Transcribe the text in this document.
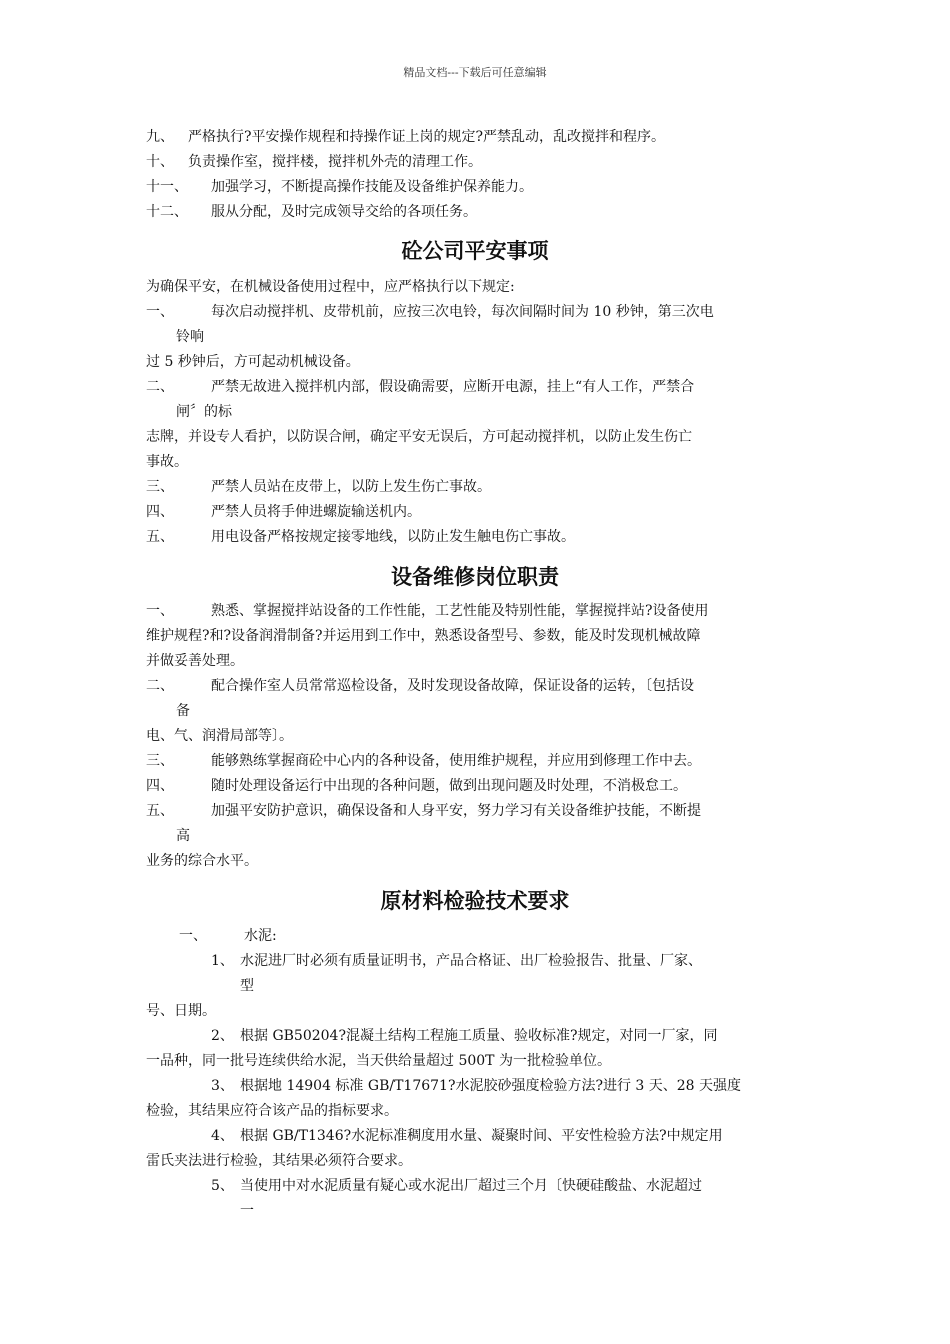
精品文档---下载后可任意编辑
九、 严格执行?平安操作规程和持操作证上岗的规定?严禁乱动，乱改搅拌和程序。
十、 负责操作室，搅拌楼，搅拌机外壳的清理工作。
十一、 加强学习，不断提高操作技能及设备维护保养能力。
十二、 服从分配，及时完成领导交给的各项任务。
砼公司平安事项
为确保平安，在机械设备使用过程中，应严格执行以下规定:
一、	每次启动搅拌机、皮带机前，应按三次电铃，每次间隔时间为 10 秒钟，第三次电
铃响
过 5 秒钟后，方可起动机械设备。
二、	严禁无故进入搅拌机内部，假设确需要，应断开电源，挂上“有人工作，严禁合
闸〞的标
志牌，并设专人看护，以防误合闸，确定平安无误后，方可起动搅拌机，以防止发生伤亡
事故。
三、	严禁人员站在皮带上，以防上发生伤亡事故。
四、	严禁人员将手伸进螺旋输送机内。
五、	用电设备严格按规定接零地线，以防止发生触电伤亡事故。
设备维修岗位职责
一、	熟悉、掌握搅拌站设备的工作性能，工艺性能及特别性能，掌握搅拌站?设备使用
维护规程?和?设备润滑制备?并运用到工作中，熟悉设备型号、参数，能及时发现机械故障
并做妥善处理。
二、	配合操作室人员常常巡检设备，及时发现设备故障，保证设备的运转，〔包括设
备
电、气、润滑局部等〕。
三、	能够熟练掌握商砼中心内的各种设备，使用维护规程，并应用到修理工作中去。
四、	随时处理设备运行中出现的各种问题，做到出现问题及时处理，不消极怠工。
五、	加强平安防护意识，确保设备和人身平安，努力学习有关设备维护技能，不断提
高
业务的综合水平。
原材料检验技术要求
一、	水泥:
1、 水泥进厂时必须有质量证明书，产品合格证、出厂检验报告、批量、厂家、
型
号、日期。
2、 根据 GB50204?混凝土结构工程施工质量、验收标准?规定，对同一厂家，同
一品种，同一批号连续供给水泥，当天供给量超过 500T 为一批检验单位。
3、 根据地 14904 标准 GB/T17671?水泥胶砂强度检验方法?进行 3 天、28 天强度
检验，其结果应符合该产品的指标要求。
4、 根据 GB/T1346?水泥标准稠度用水量、凝聚时间、平安性检验方法?中规定用
雷氏夹法进行检验，其结果必须符合要求。
5、 当使用中对水泥质量有疑心或水泥出厂超过三个月〔快硬硅酸盐、水泥超过
一
